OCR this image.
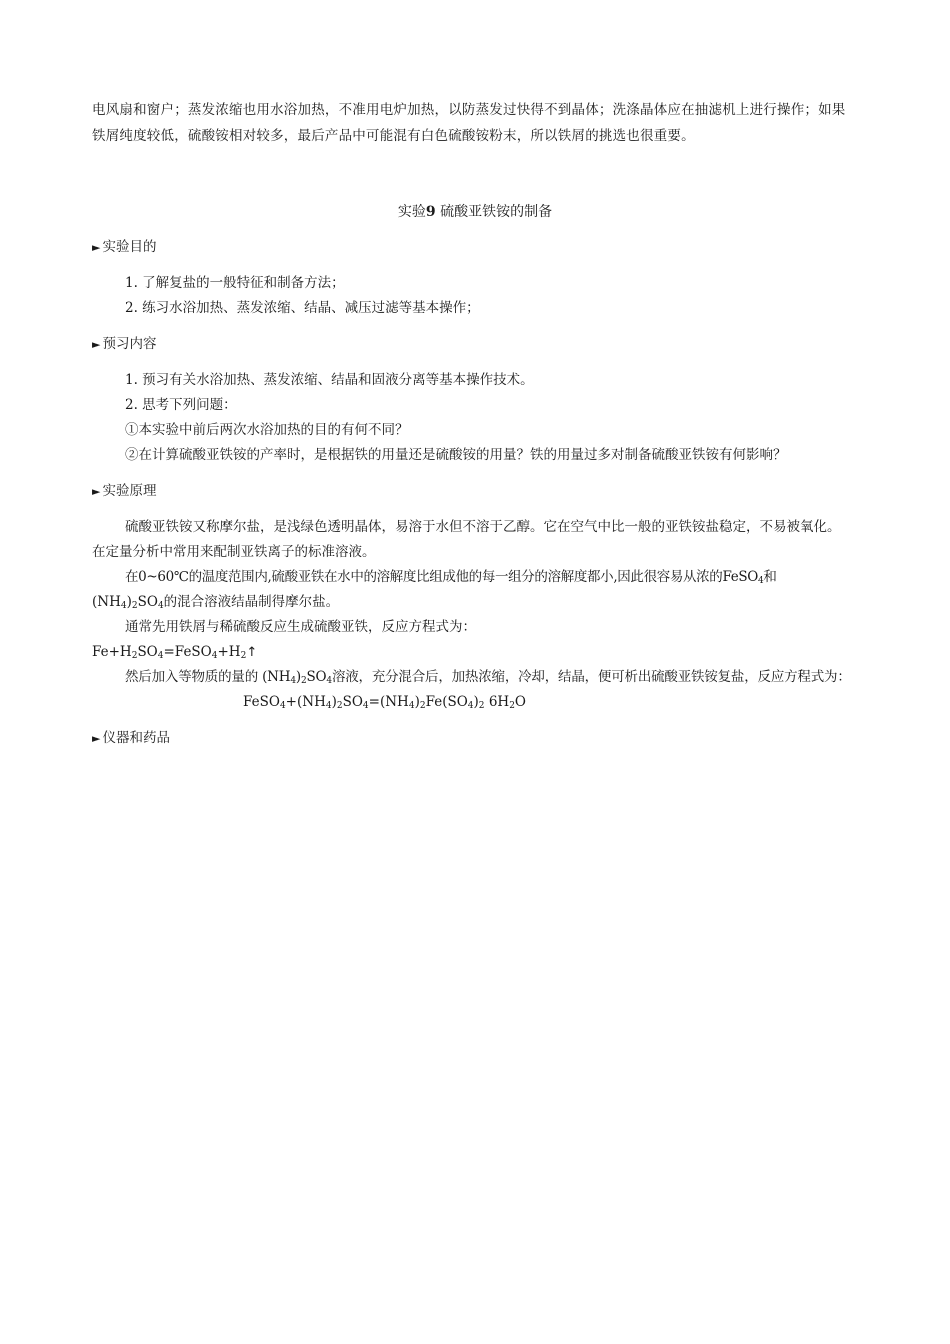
电风扇和窗户；蒸发浓缩也用水浴加热，不准用电炉加热，以防蒸发过快得不到晶体；洗涤晶体应在抽滤机上进行操作；如果
铁屑纯度较低，硫酸铵相对较多，最后产品中可能混有白色硫酸铵粉末，所以铁屑的挑选也很重要。
实验9 硫酸亚铁铵的制备
► 实验目的
1. 了解复盐的一般特征和制备方法；
2. 练习水浴加热、蒸发浓缩、结晶、减压过滤等基本操作；
► 预习内容
1. 预习有关水浴加热、蒸发浓缩、结晶和固液分离等基本操作技术。
2. 思考下列问题：
①本实验中前后两次水浴加热的目的有何不同？
②在计算硫酸亚铁铵的产率时，是根据铁的用量还是硫酸铵的用量？铁的用量过多对制备硫酸亚铁铵有何影响？
► 实验原理
硫酸亚铁铵又称摩尔盐，是浅绿色透明晶体，易溶于水但不溶于乙醇。它在空气中比一般的亚铁铵盐稳定，不易被氧化。
在定量分析中常用来配制亚铁离子的标准溶液。
在0~60℃的温度范围内,硫酸亚铁在水中的溶解度比组成他的每一组分的溶解度都小,因此很容易从浓的FeSO$_4$和
$(NH_4)_2SO_4$的混合溶液结晶制得摩尔盐。
通常先用铁屑与稀硫酸反应生成硫酸亚铁，反应方程式为：
$Fe+H_2SO_4=FeSO_4+H_2↑$
然后加入等物质的量的 $(NH_4)_2SO_4$溶液，充分混合后，加热浓缩，冷却，结晶，便可析出硫酸亚铁铵复盐，反应方程式为：
$FeSO_4+(NH_4)_2SO_4=(NH_4)_2Fe(SO_4)_2$ $6H_2O$
► 仪器和药品
